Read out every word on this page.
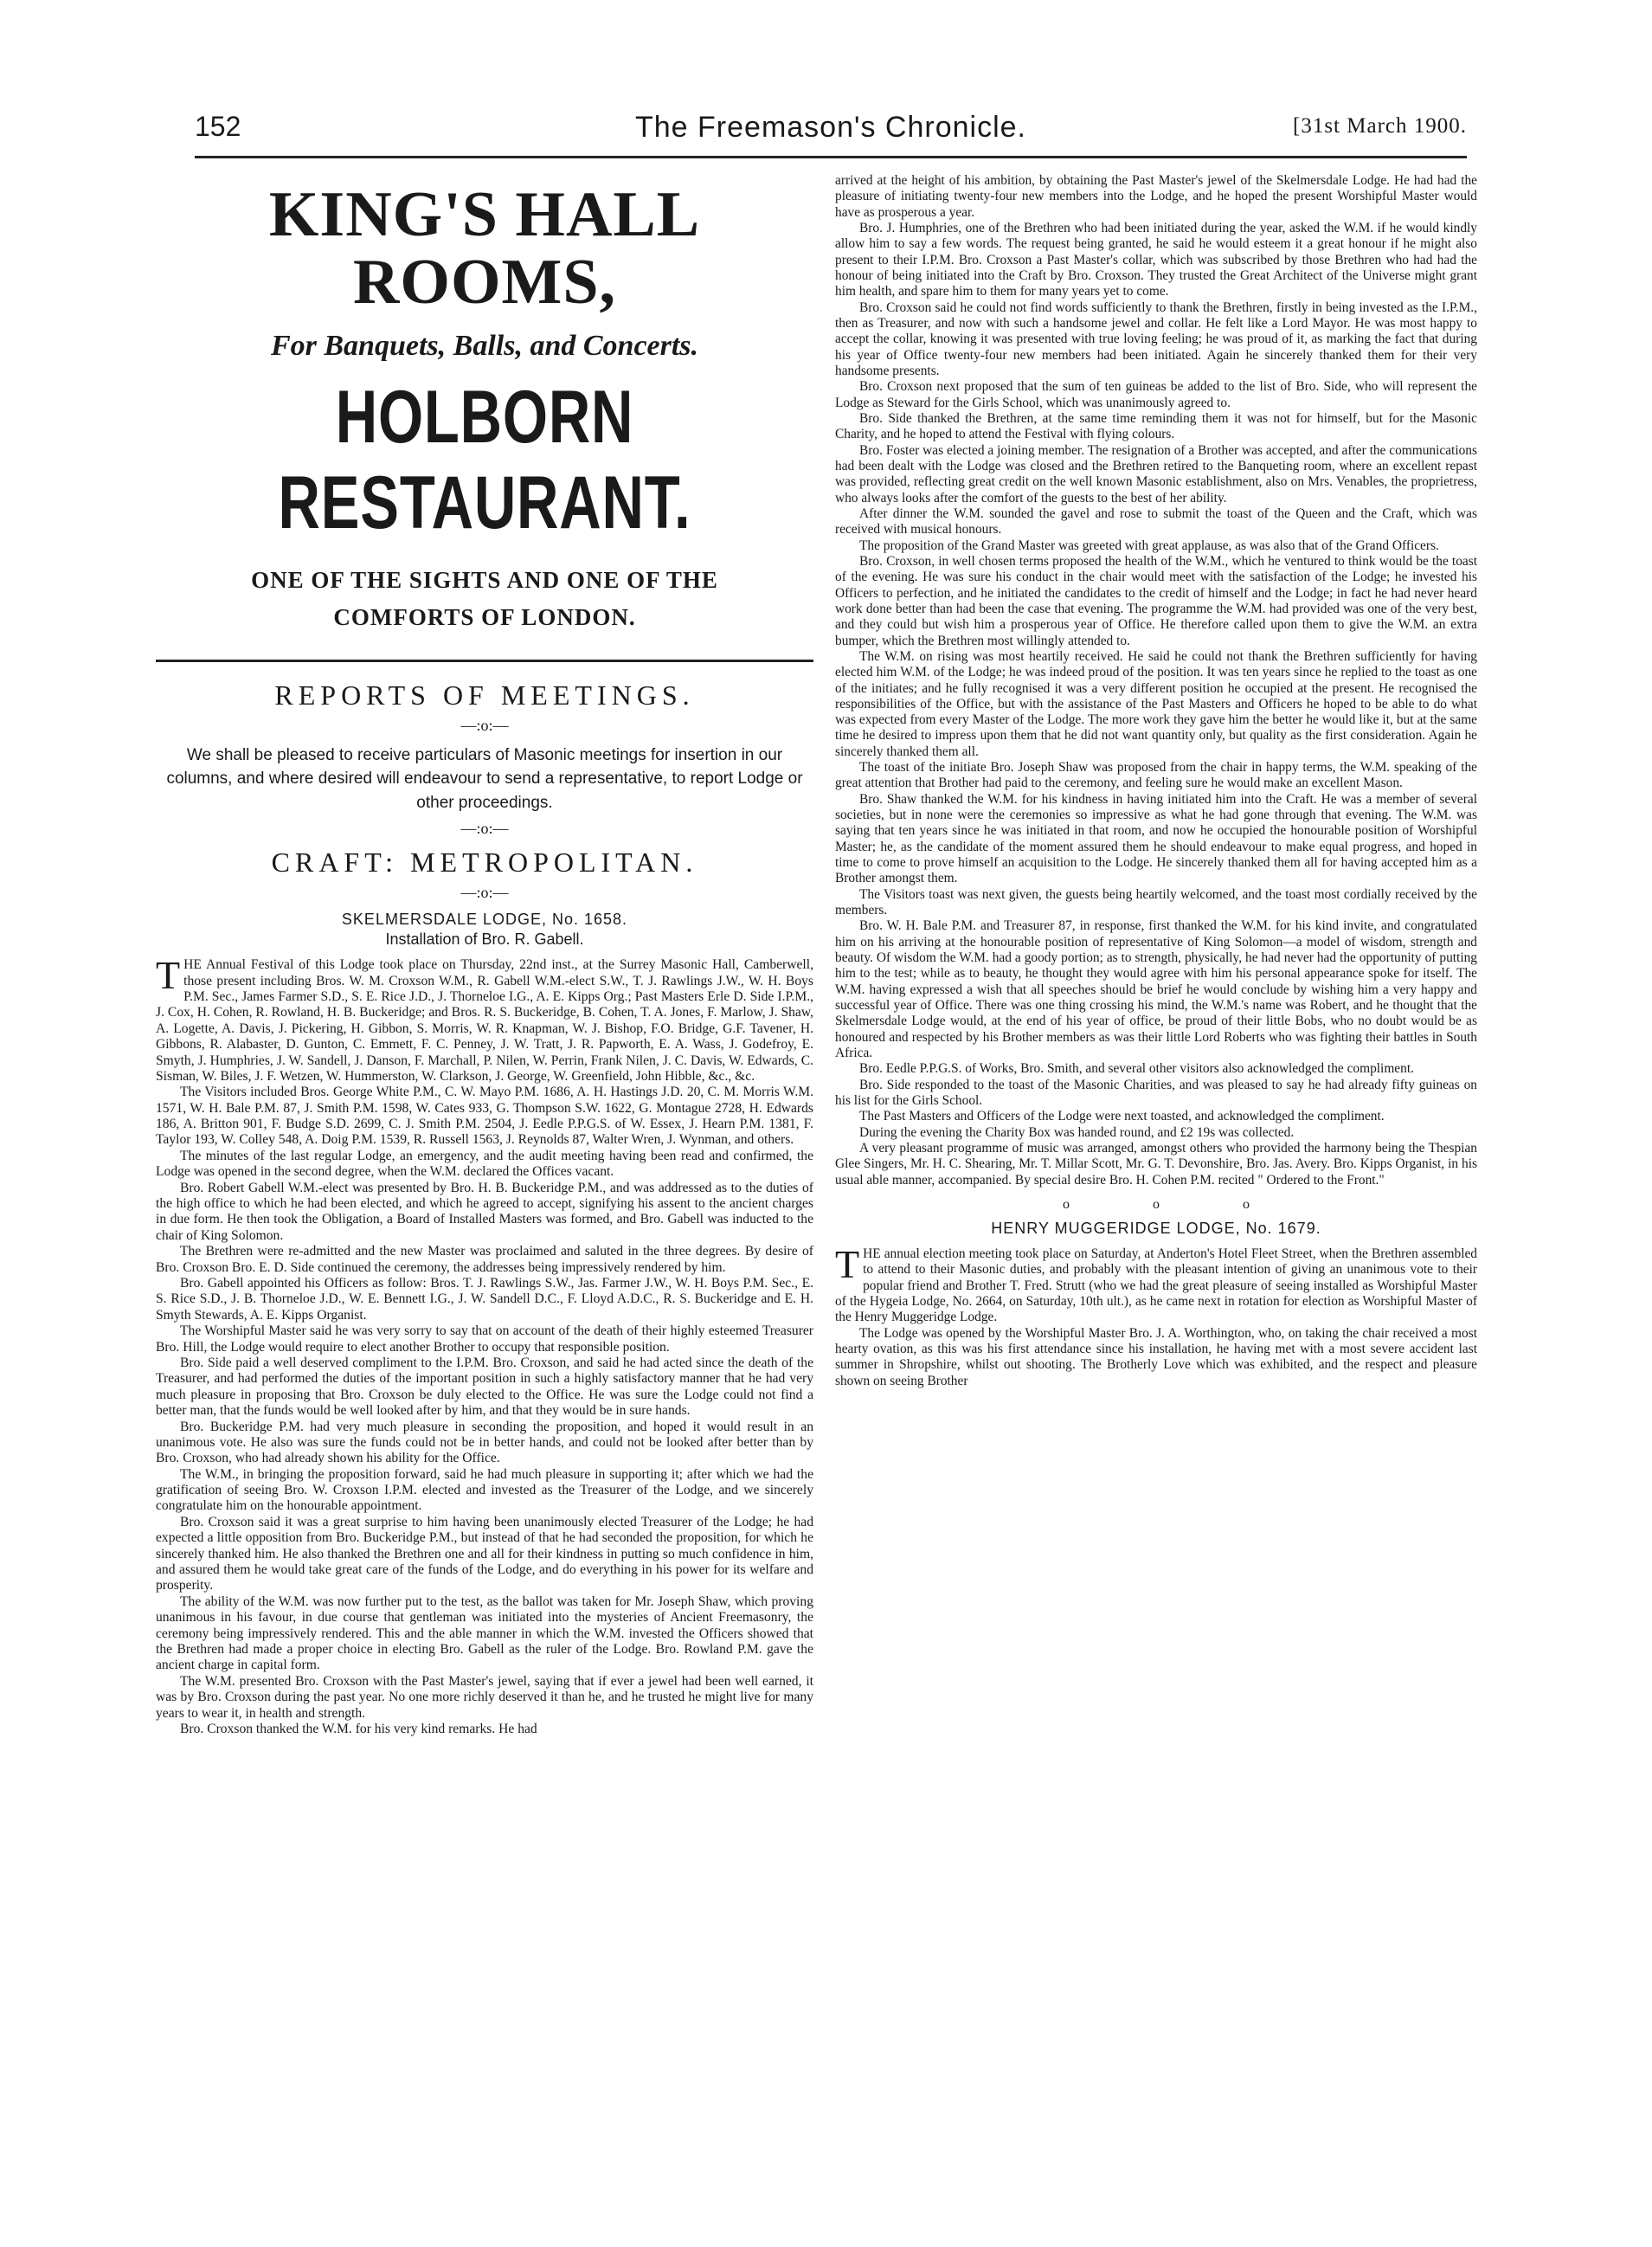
152	The Freemason's Chronicle.	[31st March 1900.
KING'S HALL ROOMS,
For Banquets, Balls, and Concerts.
HOLBORN RESTAURANT.
ONE OF THE SIGHTS AND ONE OF THE COMFORTS OF LONDON.
REPORTS OF MEETINGS.
—:o:—
We shall be pleased to receive particulars of Masonic meetings for insertion in our columns, and where desired will endeavour to send a representative, to report Lodge or other proceedings.
—:o:—
CRAFT: METROPOLITAN.
—:o:—
SKELMERSDALE LODGE, No. 1658.
Installation of Bro. R. Gabell.

THE Annual Festival of this Lodge took place on Thursday, 22nd inst., at the Surrey Masonic Hall, Camberwell, those present including Bros. W. M. Croxson W.M., R. Gabell W.M.-elect S.W., T. J. Rawlings J.W., W. H. Boys P.M. Sec., James Farmer S.D., S. E. Rice J.D., J. Thorneloe I.G., A. E. Kipps Org.; Past Masters Erle D. Side I.P.M., J. Cox, H. Cohen, R. Rowland, H. B. Buckeridge; and Bros. R. S. Buckeridge, B. Cohen, T. A. Jones, F. Marlow, J. Shaw, A. Logette, A. Davis, J. Pickering, H. Gibbon, S. Morris, W. R. Knapman, W. J. Bishop, F.O. Bridge, G.F. Tavener, H. Gibbons, R. Alabaster, D. Gunton, C. Emmett, F. C. Penney, J. W. Tratt, J. R. Papworth, E. A. Wass, J. Godefroy, E. Smyth, J. Humphries, J. W. Sandell, J. Danson, F. Marchall, P. Nilen, W. Perrin, Frank Nilen, J. C. Davis, W. Edwards, C. Sisman, W. Biles, J. F. Wetzen, W. Hummerston, W. Clarkson, J. George, W. Greenfield, John Hibble, &c., &c.

The Visitors included Bros. George White P.M., C. W. Mayo P.M. 1686, A. H. Hastings J.D. 20, C. M. Morris W.M. 1571, W. H. Bale P.M. 87, J. Smith P.M. 1598, W. Cates 933, G. Thompson S.W. 1622, G. Montague 2728, H. Edwards 186, A. Britton 901, F. Budge S.D. 2699, C. J. Smith P.M. 2504, J. Eedle P.P.G.S. of W. Essex, J. Hearn P.M. 1381, F. Taylor 193, W. Colley 548, A. Doig P.M. 1539, R. Russell 1563, J. Reynolds 87, Walter Wren, J. Wynman, and others.

The minutes of the last regular Lodge, an emergency, and the audit meeting having been read and confirmed, the Lodge was opened in the second degree, when the W.M. declared the Offices vacant.

Bro. Robert Gabell W.M.-elect was presented by Bro. H. B. Buckeridge P.M., and was addressed as to the duties of the high office to which he had been elected, and which he agreed to accept, signifying his assent to the ancient charges in due form. He then took the Obligation, a Board of Installed Masters was formed, and Bro. Gabell was inducted to the chair of King Solomon.

The Brethren were re-admitted and the new Master was proclaimed and saluted in the three degrees. By desire of Bro. Croxson Bro. E. D. Side continued the ceremony, the addresses being impressively rendered by him.

Bro. Gabell appointed his Officers as follow: Bros. T. J. Rawlings S.W., Jas. Farmer J.W., W. H. Boys P.M. Sec., E. S. Rice S.D., J. B. Thorneloe J.D., W. E. Bennett I.G., J. W. Sandell D.C., F. Lloyd A.D.C., R. S. Buckeridge and E. H. Smyth Stewards, A. E. Kipps Organist.

The Worshipful Master said he was very sorry to say that on account of the death of their highly esteemed Treasurer Bro. Hill, the Lodge would require to elect another Brother to occupy that responsible position.

Bro. Side paid a well deserved compliment to the I.P.M. Bro. Croxson, and said he had acted since the death of the Treasurer, and had performed the duties of the important position in such a highly satisfactory manner that he had very much pleasure in proposing that Bro. Croxson be duly elected to the Office. He was sure the Lodge could not find a better man, that the funds would be well looked after by him, and that they would be in sure hands.

Bro. Buckeridge P.M. had very much pleasure in seconding the proposition, and hoped it would result in an unanimous vote. He also was sure the funds could not be in better hands, and could not be looked after better than by Bro. Croxson, who had already shown his ability for the Office.

The W.M., in bringing the proposition forward, said he had much pleasure in supporting it; after which we had the gratification of seeing Bro. W. Croxson I.P.M. elected and invested as the Treasurer of the Lodge, and we sincerely congratulate him on the honourable appointment.

Bro. Croxson said it was a great surprise to him having been unanimously elected Treasurer of the Lodge; he had expected a little opposition from Bro. Buckeridge P.M., but instead of that he had seconded the proposition, for which he sincerely thanked him. He also thanked the Brethren one and all for their kindness in putting so much confidence in him, and assured them he would take great care of the funds of the Lodge, and do everything in his power for its welfare and prosperity.

The ability of the W.M. was now further put to the test, as the ballot was taken for Mr. Joseph Shaw, which proving unanimous in his favour, in due course that gentleman was initiated into the mysteries of Ancient Freemasonry, the ceremony being impressively rendered. This and the able manner in which the W.M. invested the Officers showed that the Brethren had made a proper choice in electing Bro. Gabell as the ruler of the Lodge. Bro. Rowland P.M. gave the ancient charge in capital form.

The W.M. presented Bro. Croxson with the Past Master's jewel, saying that if ever a jewel had been well earned, it was by Bro. Croxson during the past year. No one more richly deserved it than he, and he trusted he might live for many years to wear it, in health and strength.

Bro. Croxson thanked the W.M. for his very kind remarks. He had

arrived at the height of his ambition, by obtaining the Past Master's jewel of the Skelmersdale Lodge. He had had the pleasure of initiating twenty-four new members into the Lodge, and he hoped the present Worshipful Master would have as prosperous a year.

Bro. J. Humphries, one of the Brethren who had been initiated during the year, asked the W.M. if he would kindly allow him to say a few words. The request being granted, he said he would esteem it a great honour if he might also present to their I.P.M. Bro. Croxson a Past Master's collar, which was subscribed by those Brethren who had had the honour of being initiated into the Craft by Bro. Croxson. They trusted the Great Architect of the Universe might grant him health, and spare him to them for many years yet to come.

Bro. Croxson said he could not find words sufficiently to thank the Brethren, firstly in being invested as the I.P.M., then as Treasurer, and now with such a handsome jewel and collar. He felt like a Lord Mayor. He was most happy to accept the collar, knowing it was presented with true loving feeling; he was proud of it, as marking the fact that during his year of Office twenty-four new members had been initiated. Again he sincerely thanked them for their very handsome presents.

Bro. Croxson next proposed that the sum of ten guineas be added to the list of Bro. Side, who will represent the Lodge as Steward for the Girls School, which was unanimously agreed to.

Bro. Side thanked the Brethren, at the same time reminding them it was not for himself, but for the Masonic Charity, and he hoped to attend the Festival with flying colours.

Bro. Foster was elected a joining member. The resignation of a Brother was accepted, and after the communications had been dealt with the Lodge was closed and the Brethren retired to the Banqueting room, where an excellent repast was provided, reflecting great credit on the well known Masonic establishment, also on Mrs. Venables, the proprietress, who always looks after the comfort of the guests to the best of her ability.

After dinner the W.M. sounded the gavel and rose to submit the toast of the Queen and the Craft, which was received with musical honours.

The proposition of the Grand Master was greeted with great applause, as was also that of the Grand Officers.

Bro. Croxson, in well chosen terms proposed the health of the W.M., which he ventured to think would be the toast of the evening. He was sure his conduct in the chair would meet with the satisfaction of the Lodge; he invested his Officers to perfection, and he initiated the candidates to the credit of himself and the Lodge; in fact he had never heard work done better than had been the case that evening. The programme the W.M. had provided was one of the very best, and they could but wish him a prosperous year of Office. He therefore called upon them to give the W.M. an extra bumper, which the Brethren most willingly attended to.

The W.M. on rising was most heartily received. He said he could not thank the Brethren sufficiently for having elected him W.M. of the Lodge; he was indeed proud of the position. It was ten years since he replied to the toast as one of the initiates; and he fully recognised it was a very different position he occupied at the present. He recognised the responsibilities of the Office, but with the assistance of the Past Masters and Officers he hoped to be able to do what was expected from every Master of the Lodge. The more work they gave him the better he would like it, but at the same time he desired to impress upon them that he did not want quantity only, but quality as the first consideration. Again he sincerely thanked them all.

The toast of the initiate Bro. Joseph Shaw was proposed from the chair in happy terms, the W.M. speaking of the great attention that Brother had paid to the ceremony, and feeling sure he would make an excellent Mason.

Bro. Shaw thanked the W.M. for his kindness in having initiated him into the Craft. He was a member of several societies, but in none were the ceremonies so impressive as what he had gone through that evening. The W.M. was saying that ten years since he was initiated in that room, and now he occupied the honourable position of Worshipful Master; he, as the candidate of the moment assured them he should endeavour to make equal progress, and hoped in time to come to prove himself an acquisition to the Lodge. He sincerely thanked them all for having accepted him as a Brother amongst them.

The Visitors toast was next given, the guests being heartily welcomed, and the toast most cordially received by the members.

Bro. W. H. Bale P.M. and Treasurer 87, in response, first thanked the W.M. for his kind invite, and congratulated him on his arriving at the honourable position of representative of King Solomon—a model of wisdom, strength and beauty. Of wisdom the W.M. had a goody portion; as to strength, physically, he had never had the opportunity of putting him to the test; while as to beauty, he thought they would agree with him his personal appearance spoke for itself. The W.M. having expressed a wish that all speeches should be brief he would conclude by wishing him a very happy and successful year of Office. There was one thing crossing his mind, the W.M.'s name was Robert, and he thought that the Skelmersdale Lodge would, at the end of his year of office, be proud of their little Bobs, who no doubt would be as honoured and respected by his Brother members as was their little Lord Roberts who was fighting their battles in South Africa.

Bro. Eedle P.P.G.S. of Works, Bro. Smith, and several other visitors also acknowledged the compliment.

Bro. Side responded to the toast of the Masonic Charities, and was pleased to say he had already fifty guineas on his list for the Girls School.

The Past Masters and Officers of the Lodge were next toasted, and acknowledged the compliment.

During the evening the Charity Box was handed round, and £2 19s was collected.

A very pleasant programme of music was arranged, amongst others who provided the harmony being the Thespian Glee Singers, Mr. H. C. Shearing, Mr. T. Millar Scott, Mr. G. T. Devonshire, Bro. Jas. Avery. Bro. Kipps Organist, in his usual able manner, accompanied. By special desire Bro. H. Cohen P.M. recited " Ordered to the Front."

o o o
HENRY MUGGERIDGE LODGE, No. 1679.

THE annual election meeting took place on Saturday, at Anderton's Hotel Fleet Street, when the Brethren assembled to attend to their Masonic duties, and probably with the pleasant intention of giving an unanimous vote to their popular friend and Brother T. Fred. Strutt (who we had the great pleasure of seeing installed as Worshipful Master of the Hygeia Lodge, No. 2664, on Saturday, 10th ult.), as he came next in rotation for election as Worshipful Master of the Henry Muggeridge Lodge.

The Lodge was opened by the Worshipful Master Bro. J. A. Worthington, who, on taking the chair received a most hearty ovation, as this was his first attendance since his installation, he having met with a most severe accident last summer in Shropshire, whilst out shooting. The Brotherly Love which was exhibited, and the respect and pleasure shown on seeing Brother
